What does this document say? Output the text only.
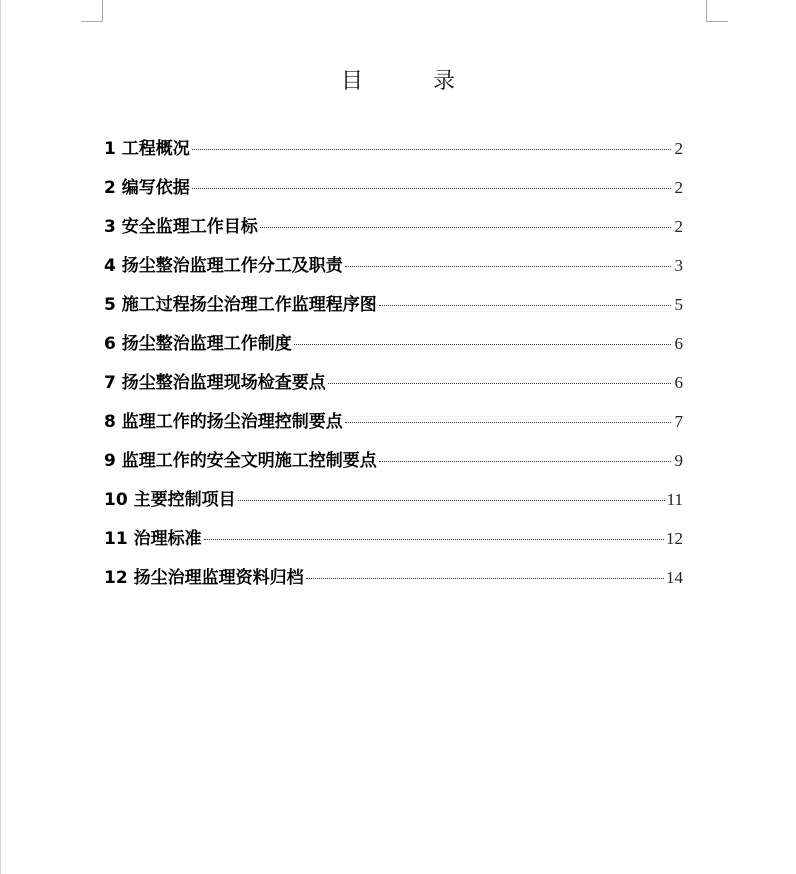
目　录
1 工程概况	2
2 编写依据	2
3 安全监理工作目标	2
4 扬尘整治监理工作分工及职责	3
5 施工过程扬尘治理工作监理程序图	5
6 扬尘整治监理工作制度	6
7 扬尘整治监理现场检查要点	6
8 监理工作的扬尘治理控制要点	7
9 监理工作的安全文明施工控制要点	9
10 主要控制项目	11
11 治理标准	12
12 扬尘治理监理资料归档	14
